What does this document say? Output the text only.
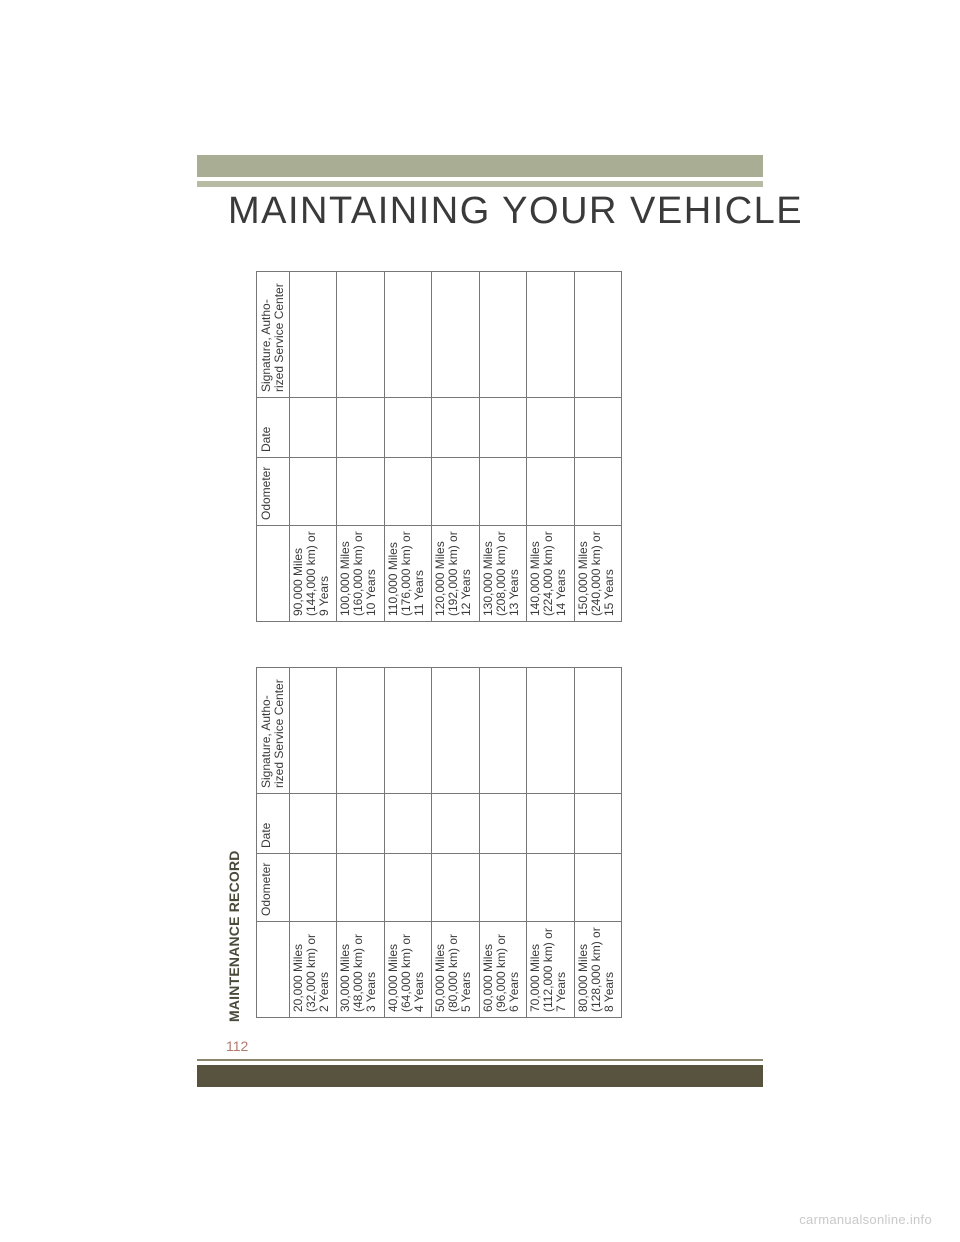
MAINTAINING YOUR VEHICLE
MAINTENANCE RECORD
	Odometer	Date	Signature, Autho- rized Service Center

20,000 Miles (32,000 km) or 2 Years			

30,000 Miles (48,000 km) or 3 Years			

40,000 Miles (64,000 km) or 4 Years			

50,000 Miles (80,000 km) or 5 Years			

60,000 Miles (96,000 km) or 6 Years			

70,000 Miles (112,000 km) or 7 Years			

80,000 Miles (128,000 km) or 8 Years			

	Odometer	Date	Signature, Autho- rized Service Center

90,000 Miles (144,000 km) or 9 Years			

100,000 Miles (160,000 km) or 10 Years			

110,000 Miles (176,000 km) or 11 Years			

120,000 Miles (192,000 km) or 12 Years			

130,000 Miles (208,000 km) or 13 Years			

140,000 Miles (224,000 km) or 14 Years			

150,000 Miles (240,000 km) or 15 Years			

112
carmanualsonline.info
